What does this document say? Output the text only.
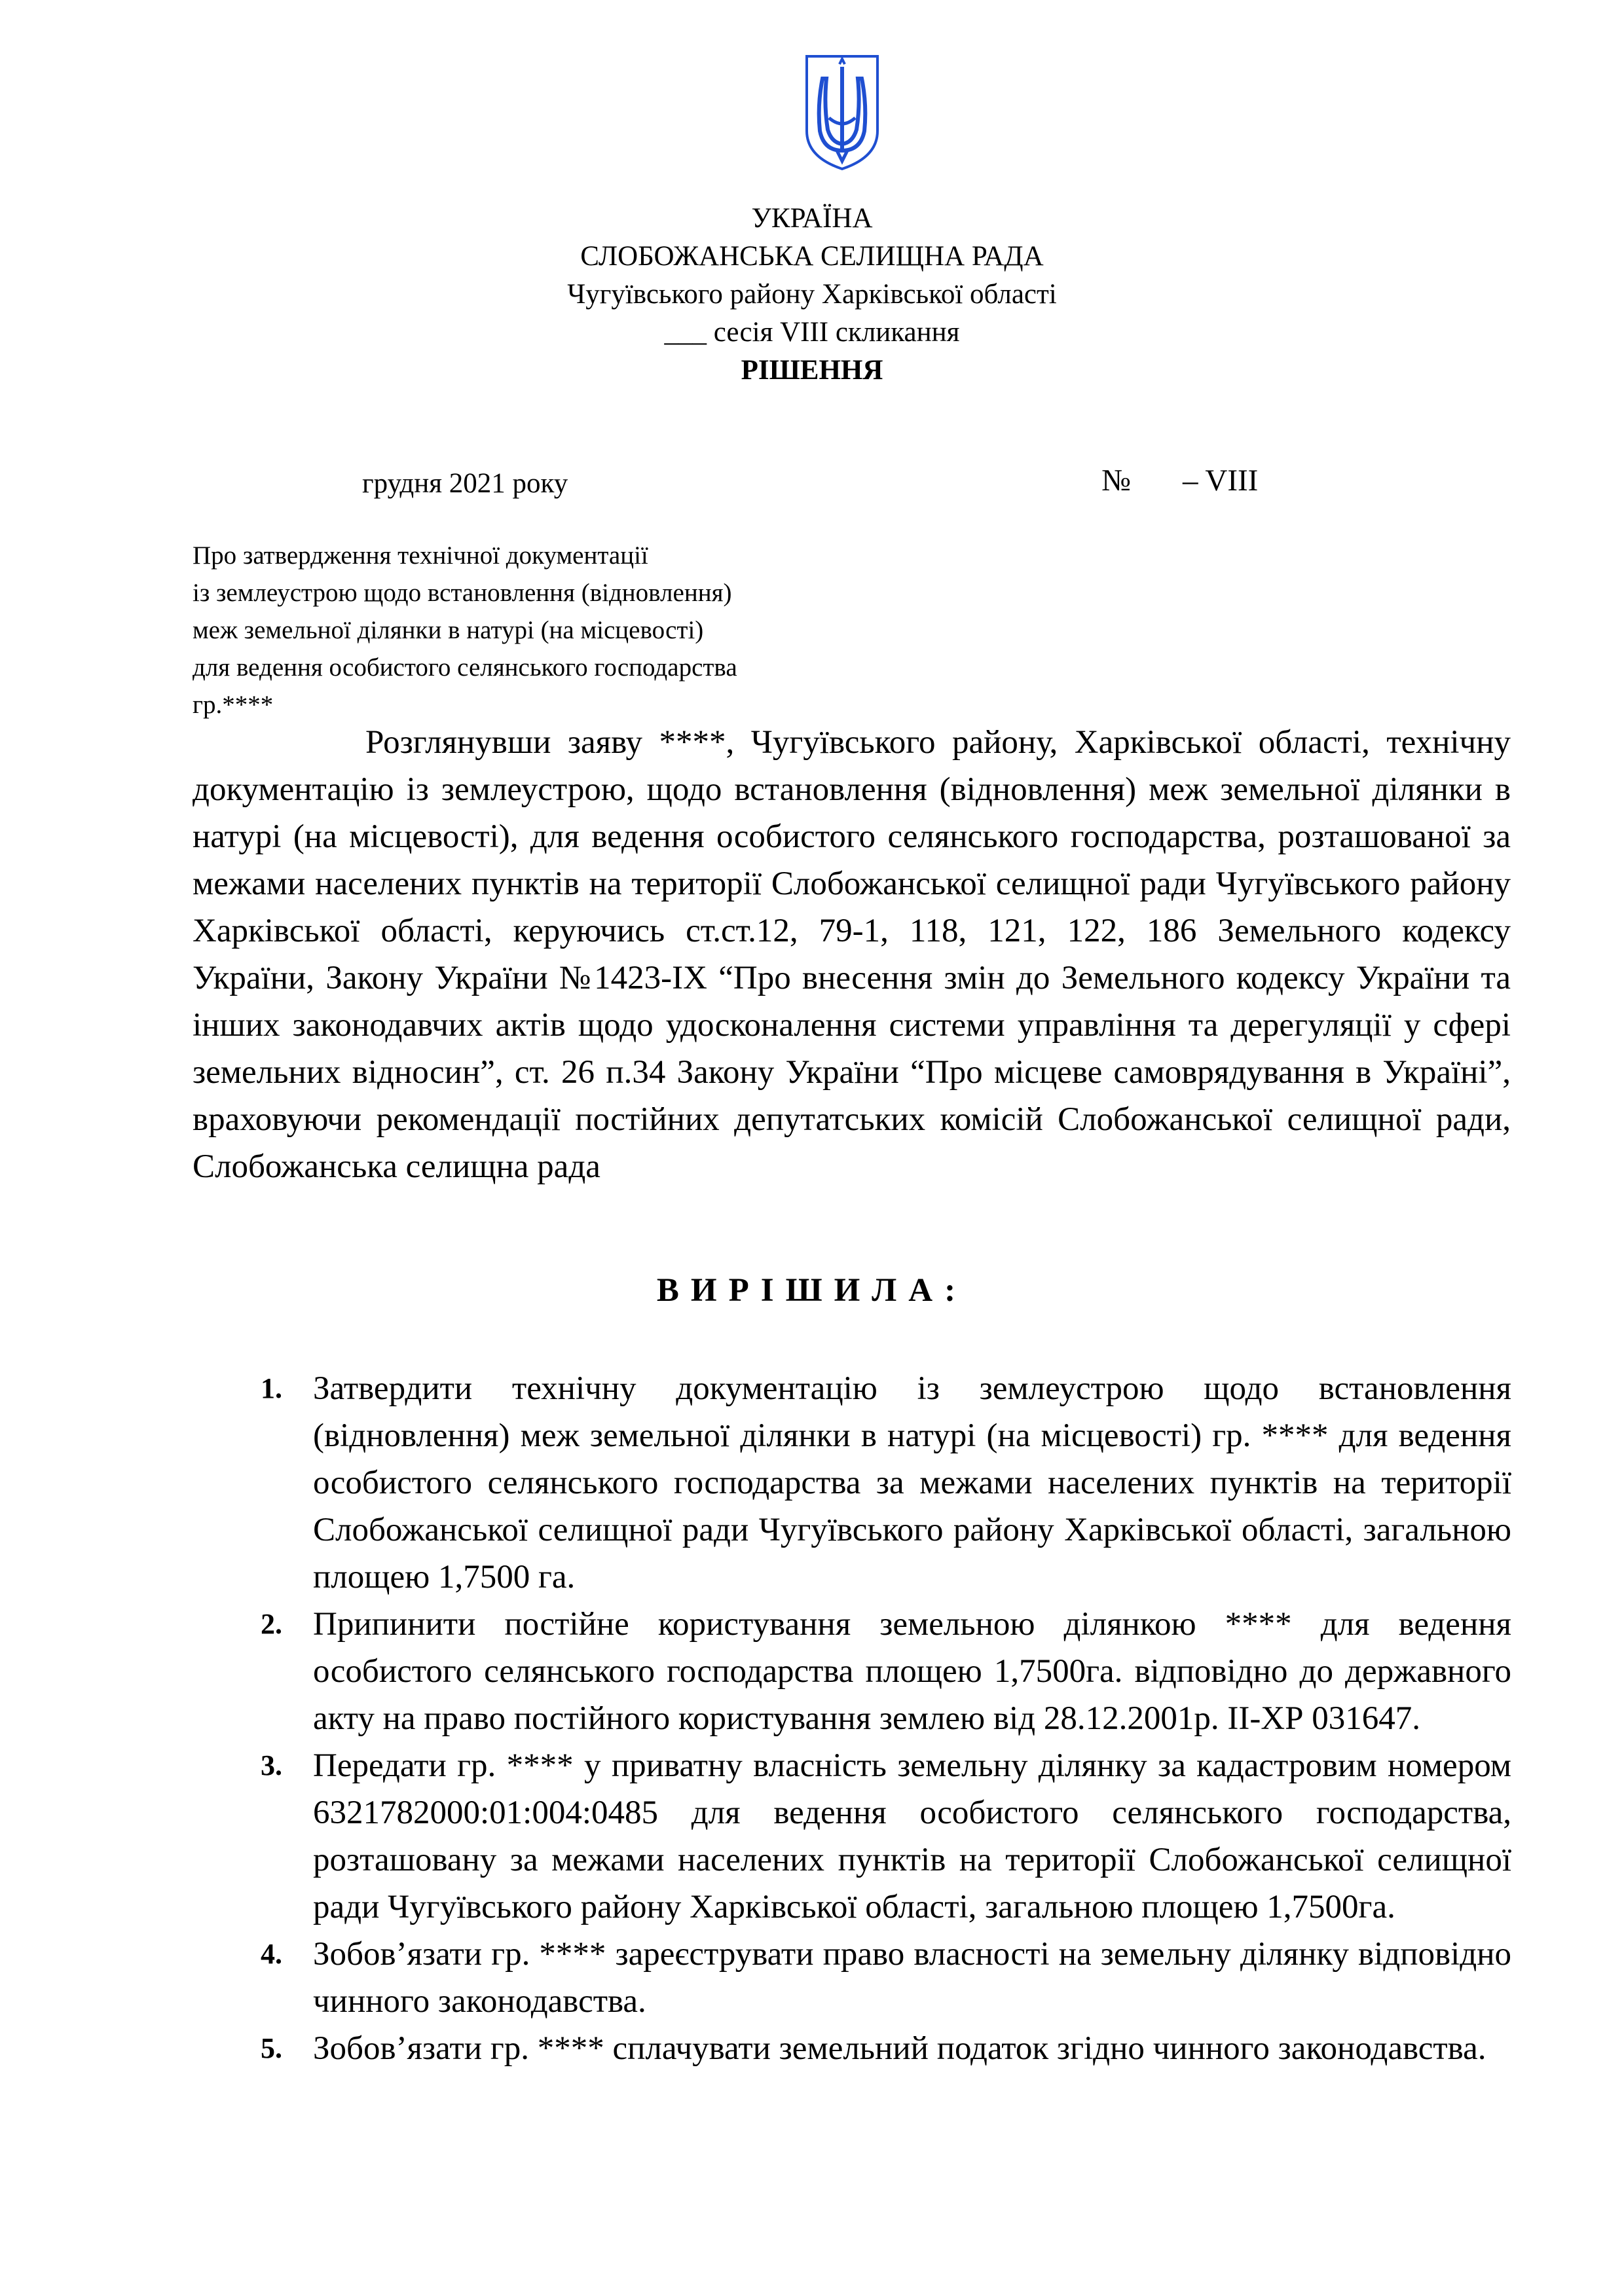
УКРАЇНА
СЛОБОЖАНСЬКА СЕЛИЩНА РАДА
Чугуївського району Харківської області
___ сесія VIII скликання
РІШЕННЯ
грудня 2021 року	№ – VIII
Про затвердження технічної документації
із землеустрою щодо встановлення (відновлення)
меж земельної ділянки в натурі (на місцевості)
для ведення особистого селянського господарства
гр.****
Розглянувши заяву ****, Чугуївського району, Харківської області, технічну документацію із землеустрою, щодо встановлення (відновлення) меж земельної ділянки в натурі (на місцевості), для ведення особистого селянського господарства, розташованої за межами населених пунктів на території Слобожанської селищної ради Чугуївського району Харківської області, керуючись ст.ст.12, 79-1, 118, 121, 122, 186 Земельного кодексу України, Закону України №1423-IX “Про внесення змін до Земельного кодексу України та інших законодавчих актів щодо удосконалення системи управління та дерегуляції у сфері земельних відносин”, ст. 26 п.34 Закону України “Про місцеве самоврядування в Україні”, враховуючи рекомендації постійних депутатських комісій Слобожанської селищної ради, Слобожанська селищна рада
ВИРІШИЛА:
1. Затвердити технічну документацію із землеустрою щодо встановлення (відновлення) меж земельної ділянки в натурі (на місцевості) гр. **** для ведення особистого селянського господарства за межами населених пунктів на території Слобожанської селищної ради Чугуївського району Харківської області, загальною площею 1,7500 га.
2. Припинити постійне користування земельною ділянкою **** для ведення особистого селянського господарства площею 1,7500га. відповідно до державного акту на право постійного користування землею від 28.12.2001р. ІІ-ХР 031647.
3. Передати гр. **** у приватну власність земельну ділянку за кадастровим номером 6321782000:01:004:0485 для ведення особистого селянського господарства, розташовану за межами населених пунктів на території Слобожанської селищної ради Чугуївського району Харківської області, загальною площею 1,7500га.
4. Зобов’язати гр. **** зареєструвати право власності на земельну ділянку відповідно чинного законодавства.
5. Зобов’язати гр. **** сплачувати земельний податок згідно чинного законодавства.
